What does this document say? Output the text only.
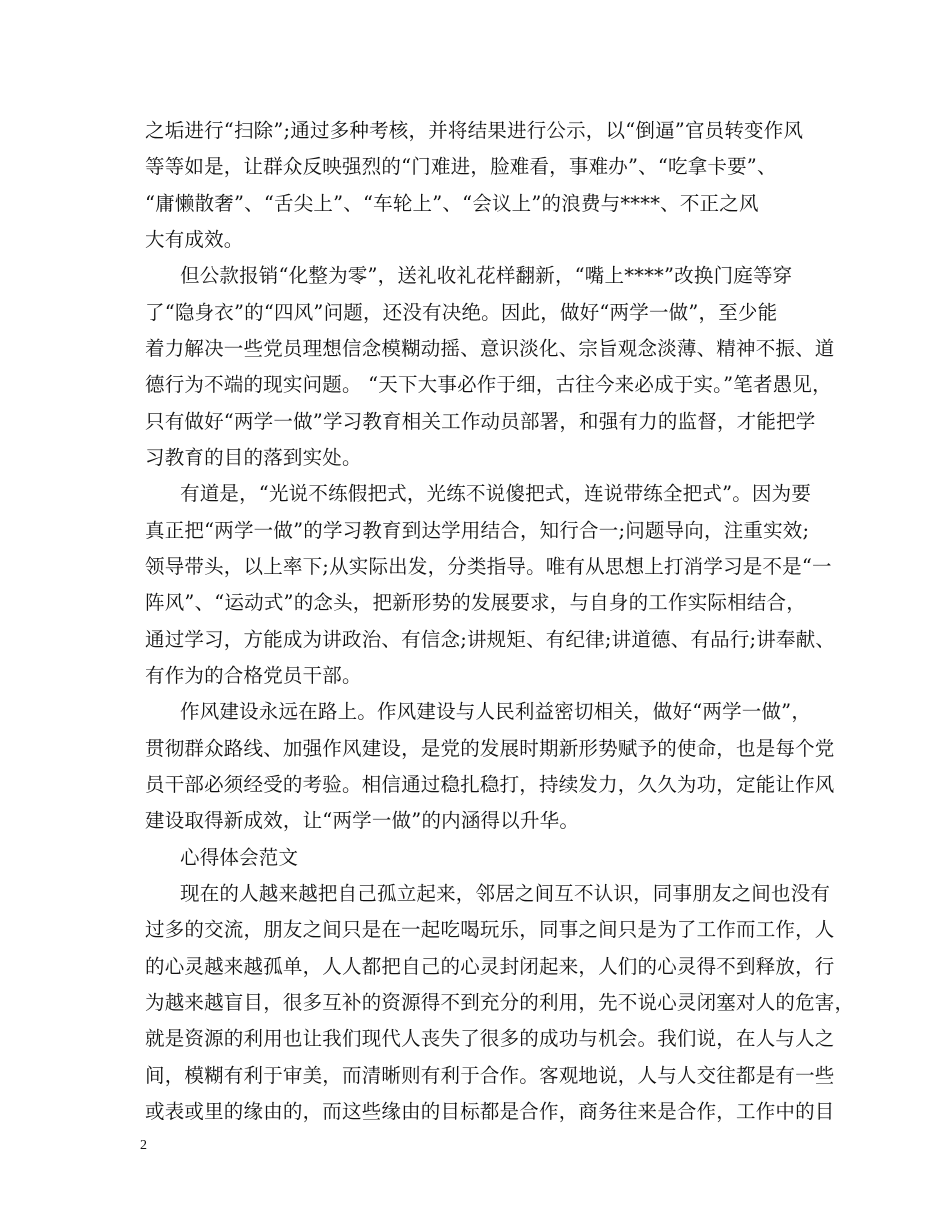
之垢进行“扫除”;通过多种考核，并将结果进行公示，以“倒逼”官员转变作风
等等如是，让群众反映强烈的“门难进，脸难看，事难办”、“吃拿卡要”、
“庸懒散奢”、“舌尖上”、“车轮上”、“会议上”的浪费与****、不正之风
大有成效。
但公款报销“化整为零”，送礼收礼花样翻新，“嘴上****”改换门庭等穿
了“隐身衣”的“四风”问题，还没有决绝。因此，做好“两学一做”，至少能
着力解决一些党员理想信念模糊动摇、意识淡化、宗旨观念淡薄、精神不振、道
德行为不端的现实问题。 “天下大事必作于细，古往今来必成于实。”笔者愚见，
只有做好“两学一做”学习教育相关工作动员部署，和强有力的监督，才能把学
习教育的目的落到实处。
有道是，“光说不练假把式，光练不说傻把式，连说带练全把式”。因为要
真正把“两学一做”的学习教育到达学用结合，知行合一;问题导向，注重实效;
领导带头，以上率下;从实际出发，分类指导。唯有从思想上打消学习是不是“一
阵风”、“运动式”的念头，把新形势的发展要求，与自身的工作实际相结合，
通过学习，方能成为讲政治、有信念;讲规矩、有纪律;讲道德、有品行;讲奉献、
有作为的合格党员干部。
作风建设永远在路上。作风建设与人民利益密切相关，做好“两学一做”，
贯彻群众路线、加强作风建设，是党的发展时期新形势赋予的使命，也是每个党
员干部必须经受的考验。相信通过稳扎稳打，持续发力，久久为功，定能让作风
建设取得新成效，让“两学一做”的内涵得以升华。
心得体会范文
现在的人越来越把自己孤立起来，邻居之间互不认识，同事朋友之间也没有
过多的交流，朋友之间只是在一起吃喝玩乐，同事之间只是为了工作而工作，人
的心灵越来越孤单，人人都把自己的心灵封闭起来，人们的心灵得不到释放，行
为越来越盲目，很多互补的资源得不到充分的利用，先不说心灵闭塞对人的危害，
就是资源的利用也让我们现代人丧失了很多的成功与机会。我们说，在人与人之
间，模糊有利于审美，而清晰则有利于合作。客观地说，人与人交往都是有一些
或表或里的缘由的，而这些缘由的目标都是合作，商务往来是合作，工作中的目
2
